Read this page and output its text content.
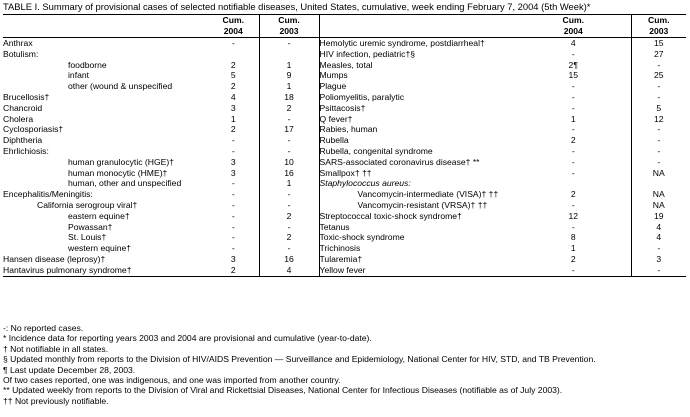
TABLE I. Summary of provisional cases of selected notifiable diseases, United States, cumulative, week ending February 7, 2004 (5th Week)*
	Cum.
2004	Cum.
2003		Cum.
2004	Cum.
2003
Anthrax	-	-	Hemolytic uremic syndrome, postdiarrheal†	4	15
Botulism:			HIV infection, pediatric†§	-	27
foodborne	2	1	Measles, total	2¶	-
infant	5	9	Mumps	15	25
other (wound & unspecified	2	1	Plague	-	-
Brucellosis†	4	18	Poliomyelitis, paralytic	-	-
Chancroid	3	2	Psittacosis†	-	5
Cholera	1	-	Q fever†	1	12
Cyclosporiasis†	2	17	Rabies, human	-	-
Diphtheria	-	-	Rubella	2	-
Ehrlichiosis:	-	-	Rubella, congenital syndrome	-	-
human granulocytic (HGE)†	3	10	SARS-associated coronavirus disease† **	-	-
human monocytic (HME)†	3	16	Smallpox† ††	-	NA
human, other and unspecified	-	1	Staphylococcus aureus:		
Encephalitis/Meningitis:	-	-	Vancomycin-intermediate (VISA)† ††	2	NA
California serogroup viral†	-	-	Vancomycin-resistant (VRSA)† ††	-	NA
eastern equine†	-	2	Streptococcal toxic-shock syndrome†	12	19
Powassan†	-	-	Tetanus	-	4
St. Louis†	-	2	Toxic-shock syndrome	8	4
western equine†	-	-	Trichinosis	1	-
Hansen disease (leprosy)†	3	16	Tularemia†	2	3
Hantavirus pulmonary syndrome†	2	4	Yellow fever	-	-
-: No reported cases.
* Incidence data for reporting years 2003 and 2004 are provisional and cumulative (year-to-date).
† Not notifiable in all states.
§ Updated monthly from reports to the Division of HIV/AIDS Prevention — Surveillance and Epidemiology, National Center for HIV, STD, and TB Prevention.
¶ Last update December 28, 2003.
Of two cases reported, one was indigenous, and one was imported from another country.
** Updated weekly from reports to the Division of Viral and Rickettsial Diseases, National Center for Infectious Diseases (notifiable as of July 2003).
†† Not previously notifiable.
